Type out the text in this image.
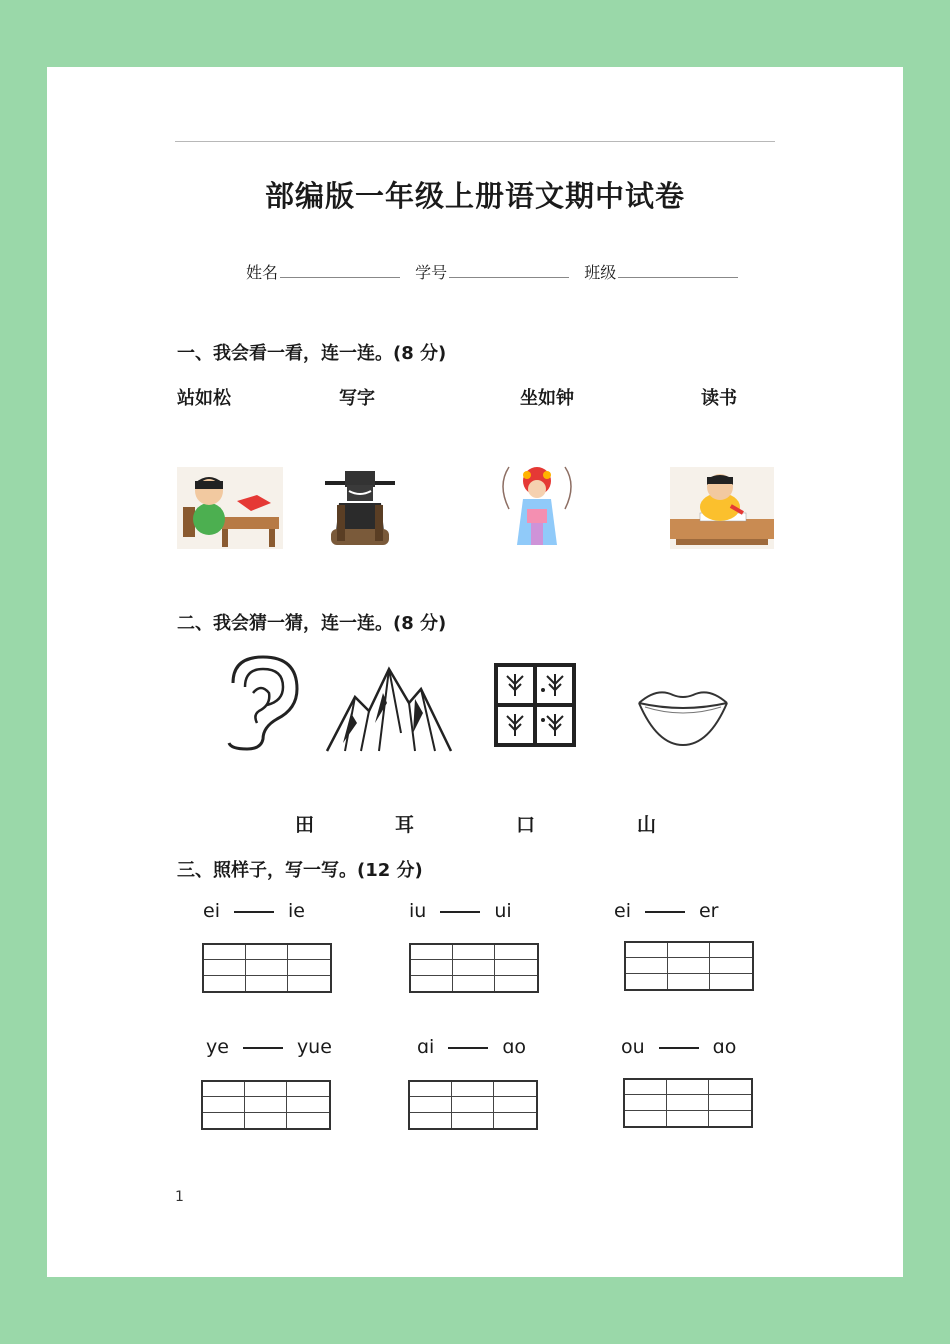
部编版一年级上册语文期中试卷
姓名	学号	班级
一、我会看一看，连一连。(8 分)
站如松	写字	坐如钟	读书
二、我会猜一猜，连一连。(8 分)
田	耳	口	山
三、照样子，写一写。(12 分)
ei	ie	iu	ui	ei	er
ye	yue	ɑi	ɑo	ou	ɑo
1
